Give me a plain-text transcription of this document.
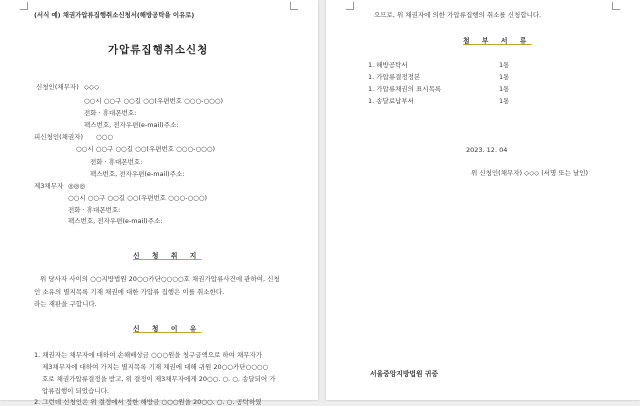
(서식 예) 채권가압류집행취소신청서(해방공탁을 이유로)
가압류집행취소신청
신청인(채무자) ◇◇◇
○○시 ○○구 ○○길 ○○(우편번호 ○○○-○○○)
전화 · 휴대폰번호:
팩스번호, 전자우편(e-mail)주소:
피신청인(채권자) ○○○
○○시 ○○구 ○○길 ○○(우편번호 ○○○-○○○)
전화 · 휴대폰번호:
팩스번호, 전자우편(e-mail)주소:
제3채무자 ◎◎◎
○○시 ○○구 ○○길 ○○(우편번호 ○○○-○○○)
전화 · 휴대폰번호:
팩스번호, 전자우편(e-mail)주소:
신 청 취 지
위 당사자 사이의 ○○지방법원 20○○카단○○○○호 채권가압류사건에 관하여, 신청
인 소유의 별지목록 기재 채권에 대한 가압류 집행은 이를 취소한다.
라는 재판을 구합니다.
신 청 이 유
1. 채권자는 채무자에 대하여 손해배상금 ○○○원을 청구금액으로 하여 채무자가
제3채무자에 대하여 가지는 별지목록 기재 채권에 대해 귀원 20○○카단○○○○
호로 채권가압류결정을 받고, 위 결정이 제3채무자에게 20○○. ○. ○. 송달되어 가
압류집행이 되었습니다.
2. 그런데 신청인은 위 결정에서 정한 해방금 ○○○원을 20○○. ○. ○. 공탁하였
으므로, 위 채권자에 의한 가압류집행의 취소를 신청합니다.
첨 부 서 류
1. 해방공탁서	1통
1. 가압류결정정본	1통
1. 가압류채권의 표시목록	1통
1. 송달료납부서	1통
2023. 12. 04
위 신청인(채무자) ◇◇◇ (서명 또는 날인)
서울중앙지방법원 귀중
